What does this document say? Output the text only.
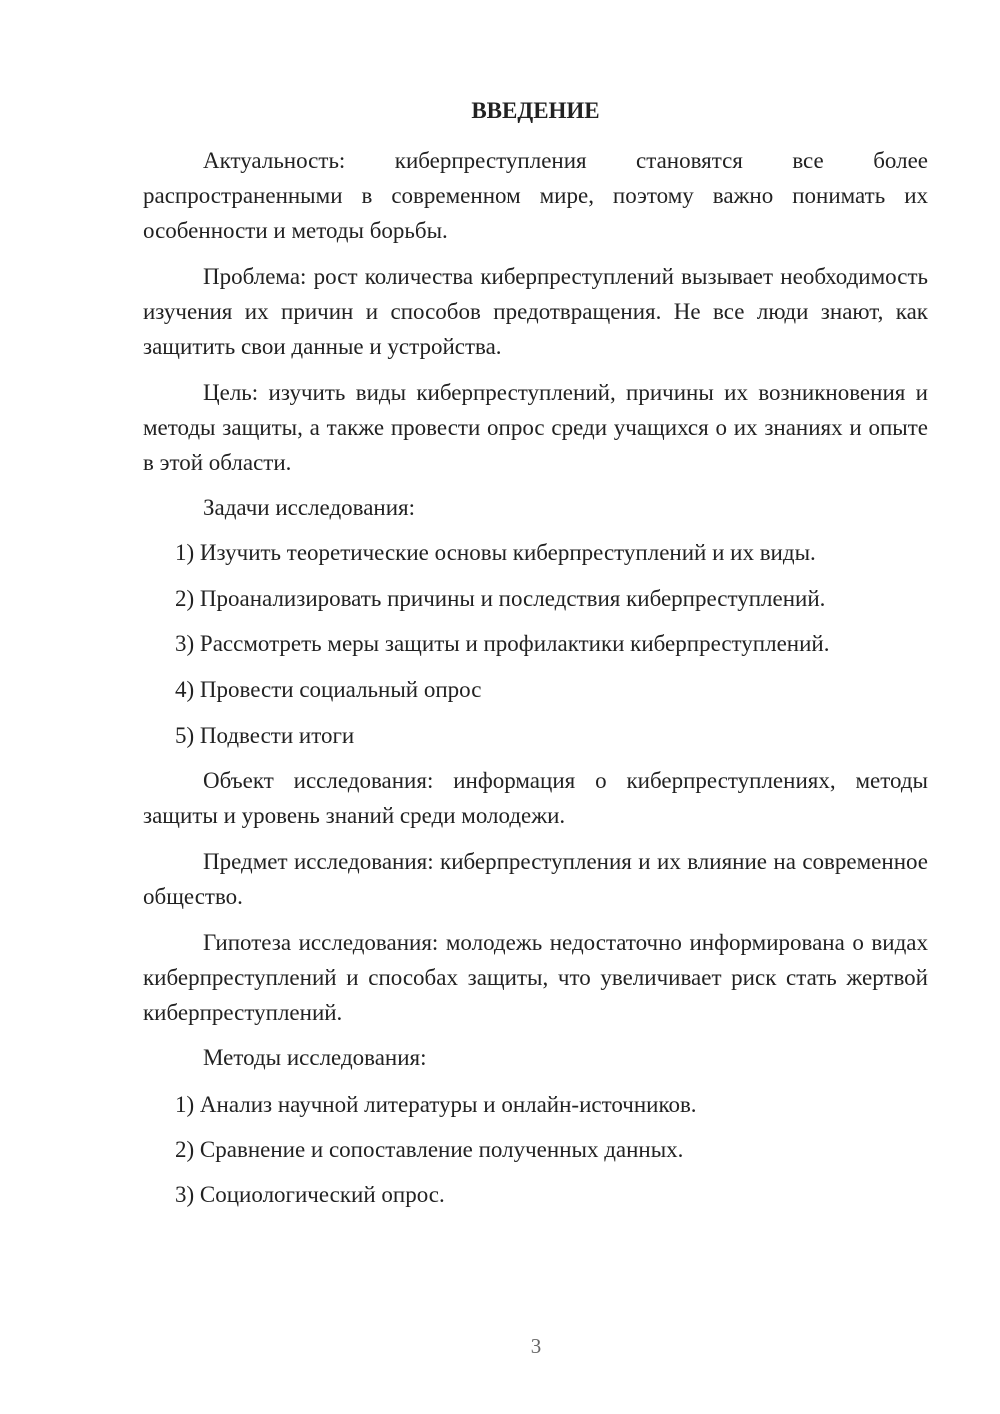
ВВЕДЕНИЕ
Актуальность: киберпреступления становятся все более распространенными в современном мире, поэтому важно понимать их особенности и методы борьбы.
Проблема: рост количества киберпреступлений вызывает необходимость изучения их причин и способов предотвращения. Не все люди знают, как защитить свои данные и устройства.
Цель: изучить виды киберпреступлений, причины их возникновения и методы защиты, а также провести опрос среди учащихся о их знаниях и опыте в этой области.
Задачи исследования:
1) Изучить теоретические основы киберпреступлений и их виды.
2) Проанализировать причины и последствия киберпреступлений.
3) Рассмотреть меры защиты и профилактики киберпреступлений.
4) Провести социальный опрос
5) Подвести итоги
Объект исследования: информация о киберпреступлениях, методы защиты и уровень знаний среди молодежи.
Предмет исследования: киберпреступления и их влияние на современное общество.
Гипотеза исследования: молодежь недостаточно информирована о видах киберпреступлений и способах защиты, что увеличивает риск стать жертвой киберпреступлений.
Методы исследования:
1) Анализ научной литературы и онлайн-источников.
2) Сравнение и сопоставление полученных данных.
3) Социологический опрос.
3
